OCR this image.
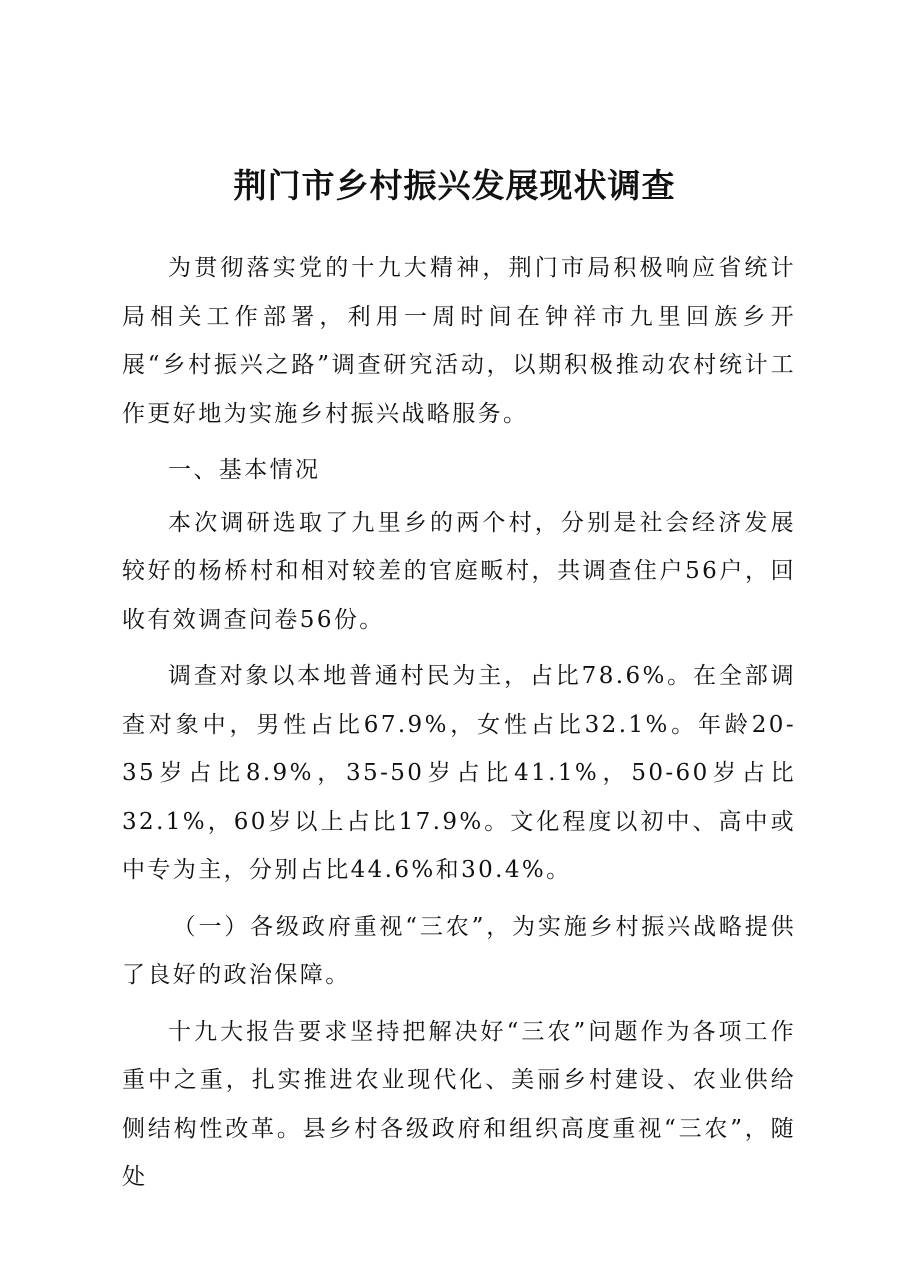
荆门市乡村振兴发展现状调查

为贯彻落实党的十九大精神，荆门市局积极响应省统计局相关工作部署，利用一周时间在钟祥市九里回族乡开展“乡村振兴之路”调查研究活动，以期积极推动农村统计工作更好地为实施乡村振兴战略服务。

一、基本情况

本次调研选取了九里乡的两个村，分别是社会经济发展较好的杨桥村和相对较差的官庭畈村，共调查住户56户，回收有效调查问卷56份。

调查对象以本地普通村民为主，占比78.6%。在全部调查对象中，男性占比67.9%，女性占比32.1%。年龄20-35岁占比8.9%，35-50岁占比41.1%，50-60岁占比32.1%，60岁以上占比17.9%。文化程度以初中、高中或中专为主，分别占比44.6%和30.4%。

（一）各级政府重视“三农”，为实施乡村振兴战略提供了良好的政治保障。

十九大报告要求坚持把解决好“三农”问题作为各项工作重中之重，扎实推进农业现代化、美丽乡村建设、农业供给侧结构性改革。县乡村各级政府和组织高度重视“三农”，随处
